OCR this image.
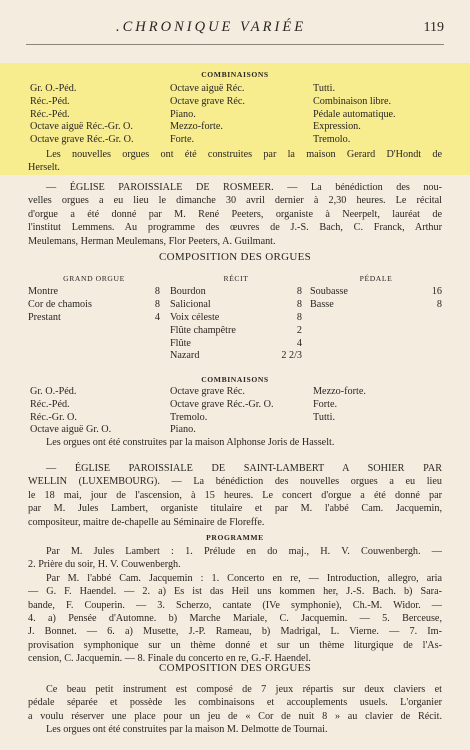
.CHRONIQUE VARIÉE	119
COMBINAISONS
Gr. O.-Péd.	Octave aiguë Réc.	Tutti.
Réc.-Péd.	Octave grave Réc.	Combinaison libre.
Réc.-Péd.	Piano.	Pédale automatique.
Octave aiguë Réc.-Gr. O.	Mezzo-forte.	Expression.
Octave grave Réc.-Gr. O.	Forte.	Tremolo.
Les nouvelles orgues ont été construites par la maison Gerard D'Hondt de
Herselt.
— ÉGLISE PAROISSIALE DE ROSMEER. — La bénédiction des nou-
velles orgues a eu lieu le dimanche 30 avril dernier à 2,30 heures. Le récital
d'orgue a été donné par M. René Peeters, organiste à Neerpelt, lauréat de
l'institut Lemmens. Au programme des œuvres de J.-S. Bach, C. Franck, Arthur
Meulemans, Herman Meulemans, Flor Peeters, A. Guilmant.
COMPOSITION DES ORGUES
GRAND ORGUE
Montre	8
Cor de chamois	8
Prestant	4
RÉCIT
Bourdon	8
Salicional	8
Voix céleste	8
Flûte champêtre	2
Flûte	4
Nazard	2 2/3
PÉDALE
Soubasse	16
Basse	8
COMBINAISONS
Gr. O.-Péd.	Octave grave Réc.	Mezzo-forte.
Réc.-Péd.	Octave grave Réc.-Gr. O.	Forte.
Réc.-Gr. O.	Tremolo.	Tutti.
Octave aiguë Gr. O.	Piano.
Les orgues ont été construites par la maison Alphonse Joris de Hasselt.
— ÉGLISE PAROISSIALE DE SAINT-LAMBERT A SOHIER PAR
WELLIN (LUXEMBOURG). — La bénédiction des nouvelles orgues a eu lieu
le 18 mai, jour de l'ascension, à 15 heures. Le concert d'orgue a été donné par
par M. Jules Lambert, organiste titulaire et par M. l'abbé Cam. Jacquemin,
compositeur, maitre de-chapelle au Séminaire de Floreffe.
PROGRAMME
Par M. Jules Lambert : 1. Prélude en do maj., H. V. Couwenbergh. —
2. Prière du soir, H. V. Couwenbergh.
Par M. l'abbé Cam. Jacquemin : 1. Concerto en re, — Introduction, allegro, aria
— G. F. Haendel. — 2. a) Es ist das Heil uns kommen her, J.-S. Bach. b) Sara-
bande, F. Couperin. — 3. Scherzo, cantate (IVe symphonie), Ch.-M. Widor. —
4. a) Pensée d'Automne. b) Marche Mariale, C. Jacquemin. — 5. Berceuse,
J. Bonnet. — 6. a) Musette, J.-P. Rameau, b) Madrigal, L. Vierne. — 7. Im-
provisation symphonique sur un thème donné et sur un thème liturgique de l'As-
cension, C. Jacquemin. — 8. Finale du concerto en re, G.-F. Haendel.
COMPOSITION DES ORGUES
Ce beau petit instrument est composé de 7 jeux répartis sur deux claviers et
pédale séparée et possède les combinaisons et accouplements usuels. L'organier
a voulu réserver une place pour un jeu de « Cor de nuit 8 » au clavier de Récit.
Les orgues ont été construites par la maison M. Delmotte de Tournai.
